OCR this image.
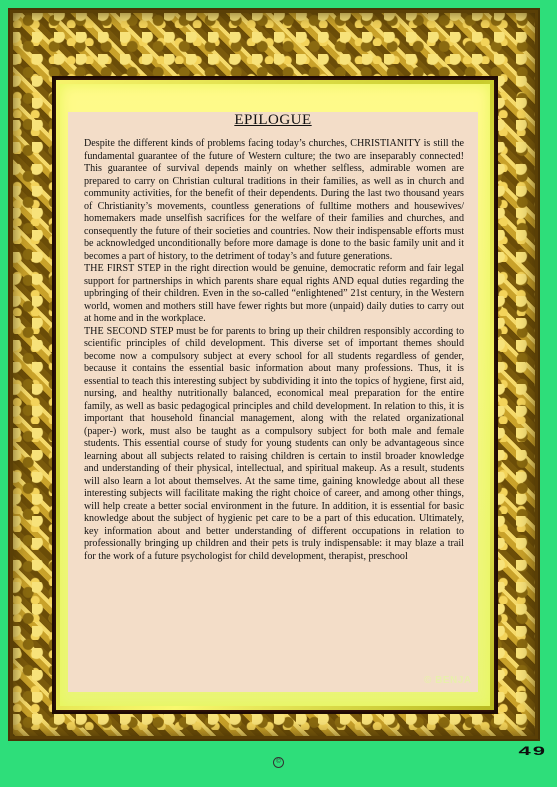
EPILOGUE

Despite the different kinds of problems facing today’s churches, CHRISTIANITY is still the fundamental guarantee of the future of Western culture; the two are inseparably connected! This guarantee of survival depends mainly on whether selfless, admirable women are prepared to carry on Christian cultural traditions in their families, as well as in church and community activities, for the benefit of their dependents. During the last two thousand years of Christianity’s movements, countless generations of fulltime mothers and housewives/ homemakers made unselfish sacrifices for the welfare of their families and churches, and consequently the future of their societies and countries. Now their indispensable efforts must be acknowledged unconditionally before more damage is done to the basic family unit and it becomes a part of history, to the detriment of today’s and future generations.
THE FIRST STEP in the right direction would be genuine, democratic reform and fair legal support for partnerships in which parents share equal rights AND equal duties regarding the upbringing of their children. Even in the so-called “enlightened” 21st century, in the Western world, women and mothers still have fewer rights but more (unpaid) daily duties to carry out at home and in the workplace.
THE SECOND STEP must be for parents to bring up their children responsibly according to scientific principles of child development. This diverse set of important themes should become now a compulsory subject at every school for all students regardless of gender, because it contains the essential basic information about many professions. Thus, it is essential to teach this interesting subject by subdividing it into the topics of hygiene, first aid, nursing, and healthy nutritionally balanced, economical meal preparation for the entire family, as well as basic pedagogical principles and child development. In relation to this, it is important that household financial management, along with the related organizational (paper-) work, must also be taught as a compulsory subject for both male and female students. This essential course of study for young students can only be advantageous since learning about all subjects related to raising children is certain to instil broader knowledge and understanding of their physical, intellectual, and spiritual makeup. As a result, students will also learn a lot about themselves. At the same time, gaining knowledge about all these interesting subjects will facilitate making the right choice of career, and among other things, will help create a better social environment in the future. In addition, it is essential for basic knowledge about the subject of hygienic pet care to be a part of this education. Ultimately, key information about and better understanding of different occupations in relation to professionally bringing up children and their pets is truly indispensable: it may blaze a trail for the work of a future psychologist for child development, therapist, preschool

© BENJA
49
©
